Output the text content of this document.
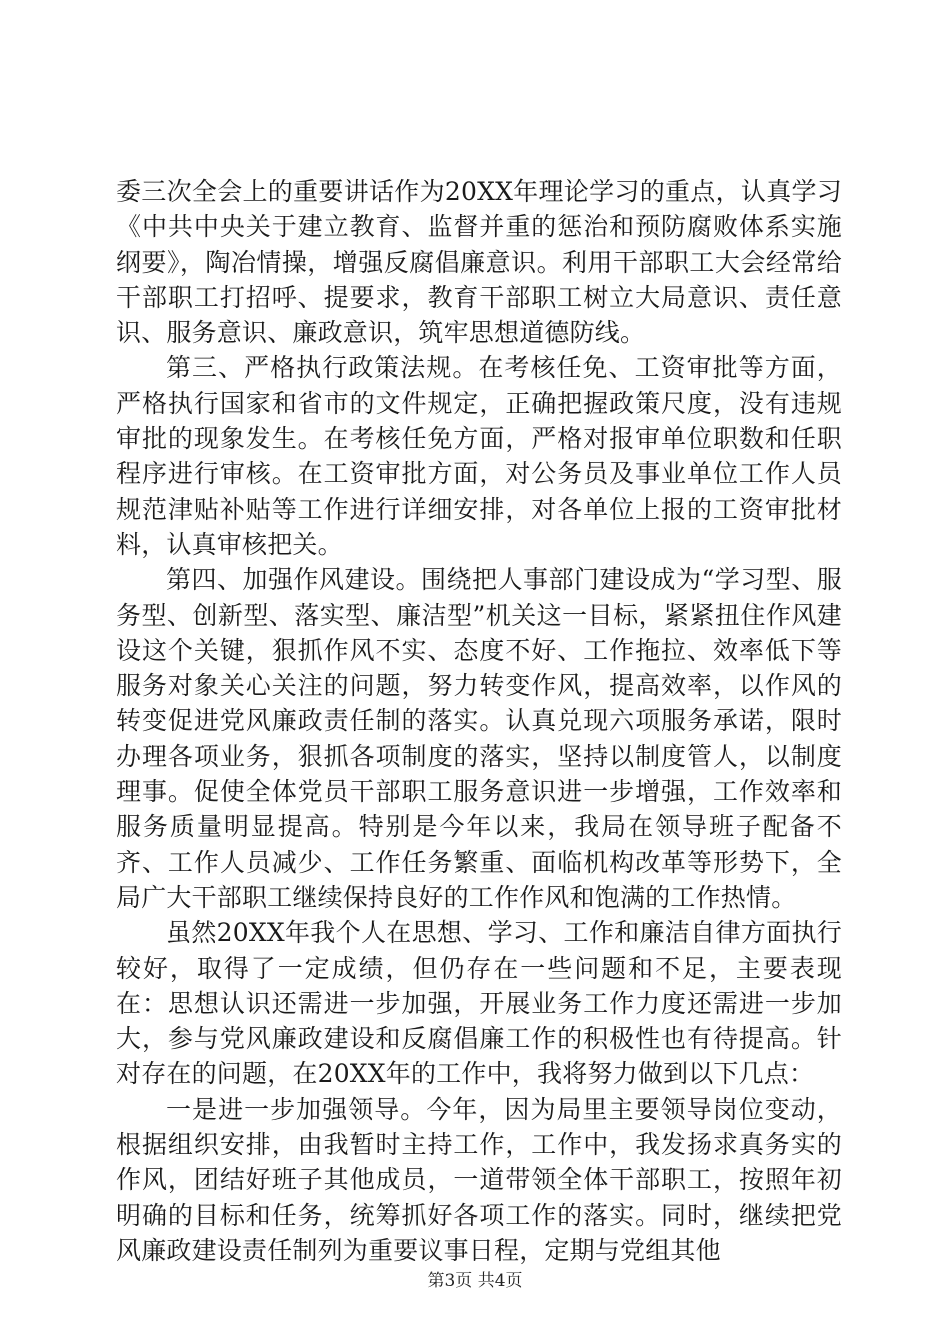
委三次全会上的重要讲话作为20XX年理论学习的重点，认真学习《中共中央关于建立教育、监督并重的惩治和预防腐败体系实施纲要》，陶冶情操，增强反腐倡廉意识。利用干部职工大会经常给干部职工打招呼、提要求，教育干部职工树立大局意识、责任意识、服务意识、廉政意识，筑牢思想道德防线。

第三、严格执行政策法规。在考核任免、工资审批等方面，严格执行国家和省市的文件规定，正确把握政策尺度，没有违规审批的现象发生。在考核任免方面，严格对报审单位职数和任职程序进行审核。在工资审批方面，对公务员及事业单位工作人员规范津贴补贴等工作进行详细安排，对各单位上报的工资审批材料，认真审核把关。

第四、加强作风建设。围绕把人事部门建设成为“学习型、服务型、创新型、落实型、廉洁型”机关这一目标，紧紧扭住作风建设这个关键，狠抓作风不实、态度不好、工作拖拉、效率低下等服务对象关心关注的问题，努力转变作风，提高效率，以作风的转变促进党风廉政责任制的落实。认真兑现六项服务承诺，限时办理各项业务，狠抓各项制度的落实，坚持以制度管人，以制度理事。促使全体党员干部职工服务意识进一步增强，工作效率和服务质量明显提高。特别是今年以来，我局在领导班子配备不齐、工作人员减少、工作任务繁重、面临机构改革等形势下，全局广大干部职工继续保持良好的工作作风和饱满的工作热情。

虽然20XX年我个人在思想、学习、工作和廉洁自律方面执行较好，取得了一定成绩，但仍存在一些问题和不足，主要表现在：思想认识还需进一步加强，开展业务工作力度还需进一步加大，参与党风廉政建设和反腐倡廉工作的积极性也有待提高。针对存在的问题，在20XX年的工作中，我将努力做到以下几点：

一是进一步加强领导。今年，因为局里主要领导岗位变动，根据组织安排，由我暂时主持工作，工作中，我发扬求真务实的作风，团结好班子其他成员，一道带领全体干部职工，按照年初明确的目标和任务，统筹抓好各项工作的落实。同时，继续把党风廉政建设责任制列为重要议事日程，定期与党组其他

第3页 共4页
